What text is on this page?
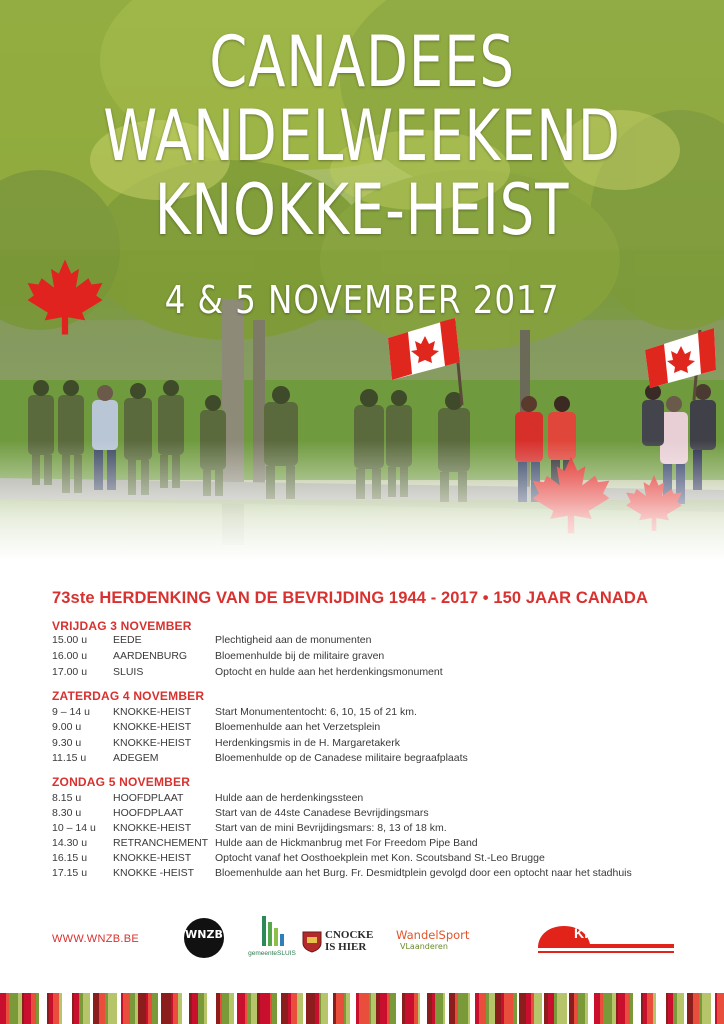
CANADEES
WANDELWEEKEND
KNOKKE-HEIST
4 & 5 NOVEMBER 2017
73ste HERDENKING VAN DE BEVRIJDING 1944 - 2017 • 150 JAAR CANADA
VRIJDAG 3 NOVEMBER
15.00 u EEDE	Plechtigheid aan de monumenten
16.00 u AARDENBURG	Bloemenhulde bij de militaire graven
17.00 u SLUIS	Optocht en hulde aan het herdenkingsmonument
ZATERDAG 4 NOVEMBER
9 – 14 u KNOKKE-HEIST Start Monumententocht: 6, 10, 15 of 21 km.
9.00 u	KNOKKE-HEIST Bloemenhulde aan het Verzetsplein
9.30 u	KNOKKE-HEIST Herdenkingsmis in de H. Margaretakerk
11.15 u	ADEGEM	Bloemenhulde op de Canadese militaire begraafplaats
ZONDAG 5 NOVEMBER
8.15 u	HOOFDPLAAT	Hulde aan de herdenkingssteen
8.30 u	HOOFDPLAAT	Start van de 44ste Canadese Bevrijdingsmars
10 – 14 u KNOKKE-HEIST Start van de mini Bevrijdingsmars: 8, 13 of 18 km.
14.30 u RETRANCHEMENT Hulde aan de Hickmanbrug met For Freedom Pipe Band
16.15 u KNOKKE-HEIST Optocht vanaf het Oosthoekplein met Kon. Scoutsband St.-Leo Brugge
17.15 u KNOKKE -HEIST Bloemenhulde aan het Burg. Fr. Desmidtplein gevolgd door een optocht naar het stadhuis
WWW.WNZB.BE	WNZB
gemeenteSLUIS
CNOCKE
IS HIER
WandelSport
VLaanderen
KNOKKE-HEIST
